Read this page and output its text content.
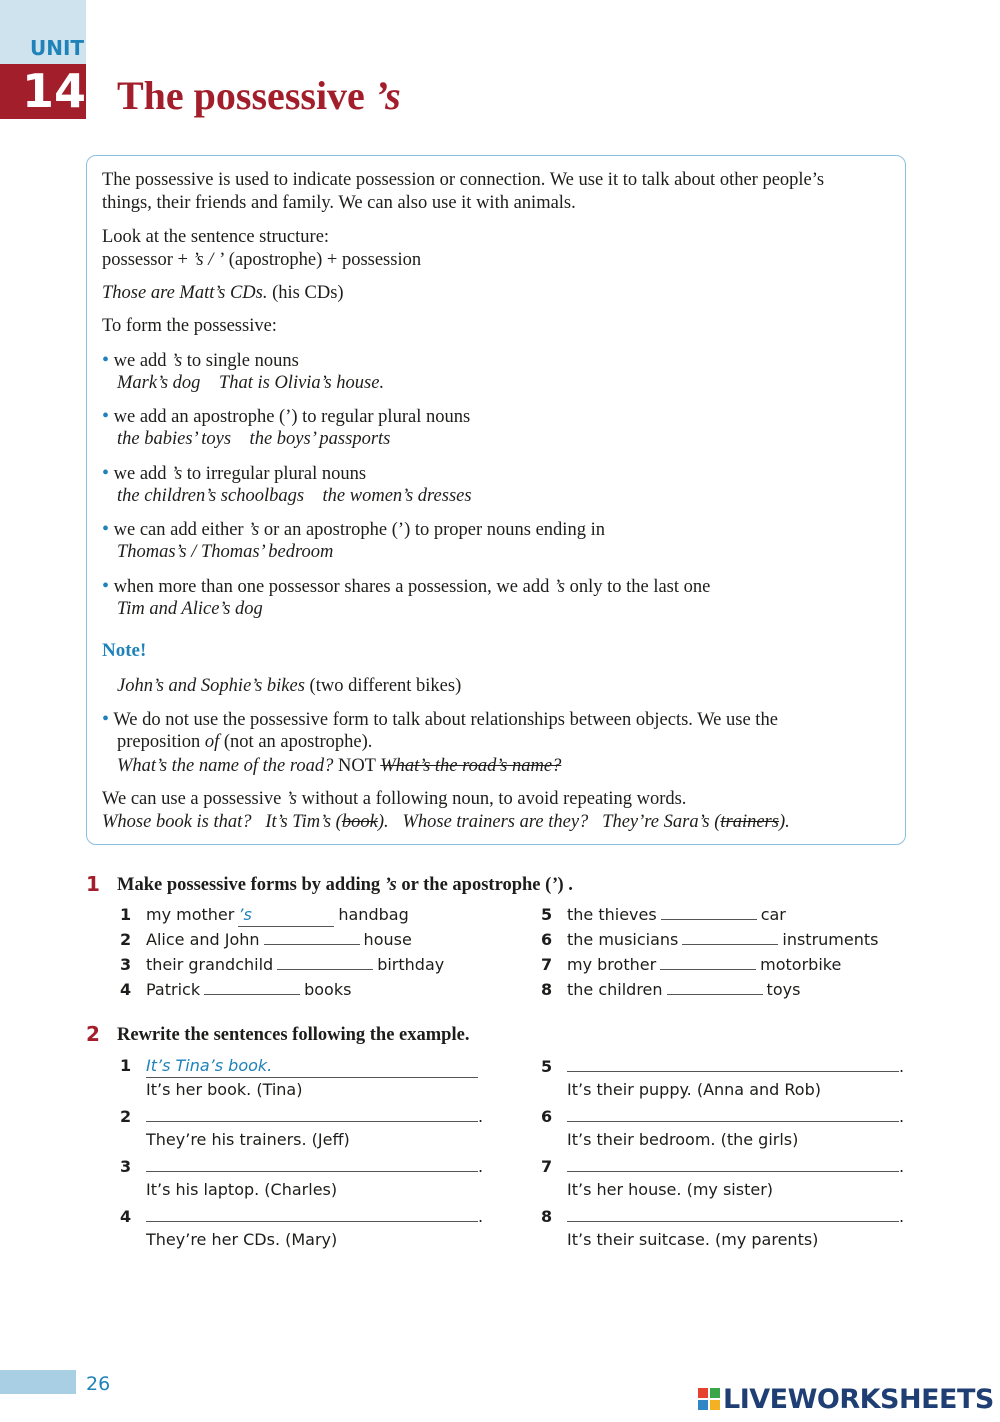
UNIT
14 The possessive ’s
The possessive is used to indicate possession or connection. We use it to talk about other people’s
things, their friends and family. We can also use it with animals.
Look at the sentence structure:
possessor + ’s / ’ (apostrophe) + possession
Those are Matt’s CDs. (his CDs)
To form the possessive:
• we add ’s to single nouns
Mark’s dog    That is Olivia’s house.
• we add an apostrophe (’) to regular plural nouns
the babies’ toys    the boys’ passports
• we add ’s to irregular plural nouns
the children’s schoolbags    the women’s dresses
• we can add either ’s or an apostrophe (’) to proper nouns ending in
Thomas’s / Thomas’ bedroom
• when more than one possessor shares a possession, we add ’s only to the last one
Tim and Alice’s dog
Note!
John’s and Sophie’s bikes (two different bikes)
• We do not use the possessive form to talk about relationships between objects. We use the
preposition of (not an apostrophe).
What’s the name of the road? NOT What’s the road’s name?
We can use a possessive ’s without a following noun, to avoid repeating words.
Whose book is that?   It’s Tim’s (book).   Whose trainers are they?   They’re Sara’s (trainers).
1 Make possessive forms by adding ’s or the apostrophe (’) .
1 my mother ’s	handbag
2 Alice and John	house
3 their grandchild	birthday
4 Patrick	books
5 the thieves	car
6 the musicians	instruments
7 my brother	motorbike
8 the children	toys
2 Rewrite the sentences following the example.
1 It’s Tina’s book.
It’s her book. (Tina)
2	.
They’re his trainers. (Jeff)
3	.
It’s his laptop. (Charles)
4	.
They’re her CDs. (Mary)
5	.
It’s their puppy. (Anna and Rob)
6	.
It’s their bedroom. (the girls)
7	.
It’s her house. (my sister)
8	.
It’s their suitcase. (my parents)
26	LIVEWORKSHEETS
